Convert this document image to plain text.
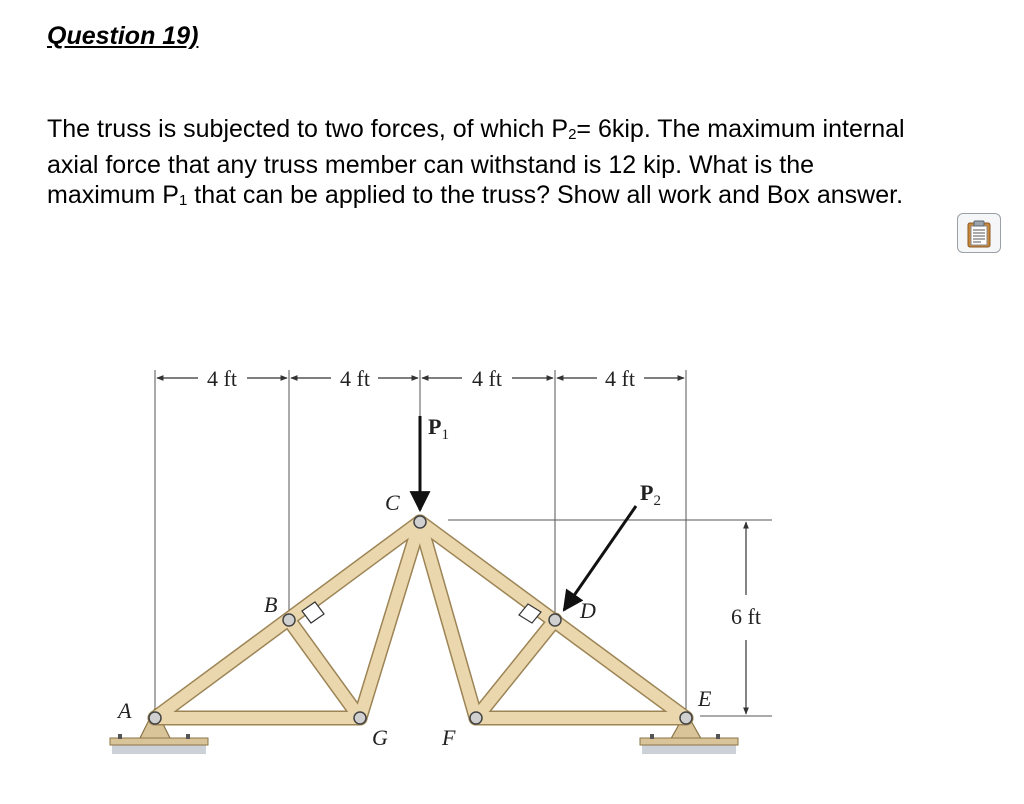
Question 19)
The truss is subjected to two forces, of which P2= 6kip. The maximum internal
axial force that any truss member can withstand is 12 kip. What is the
maximum P1 that can be applied to the truss? Show all work and Box answer.
4 ft	4 ft	4 ft	4 ft
6 ft
$P_1$
$P_2$
A
B
C
D
E
F
G
